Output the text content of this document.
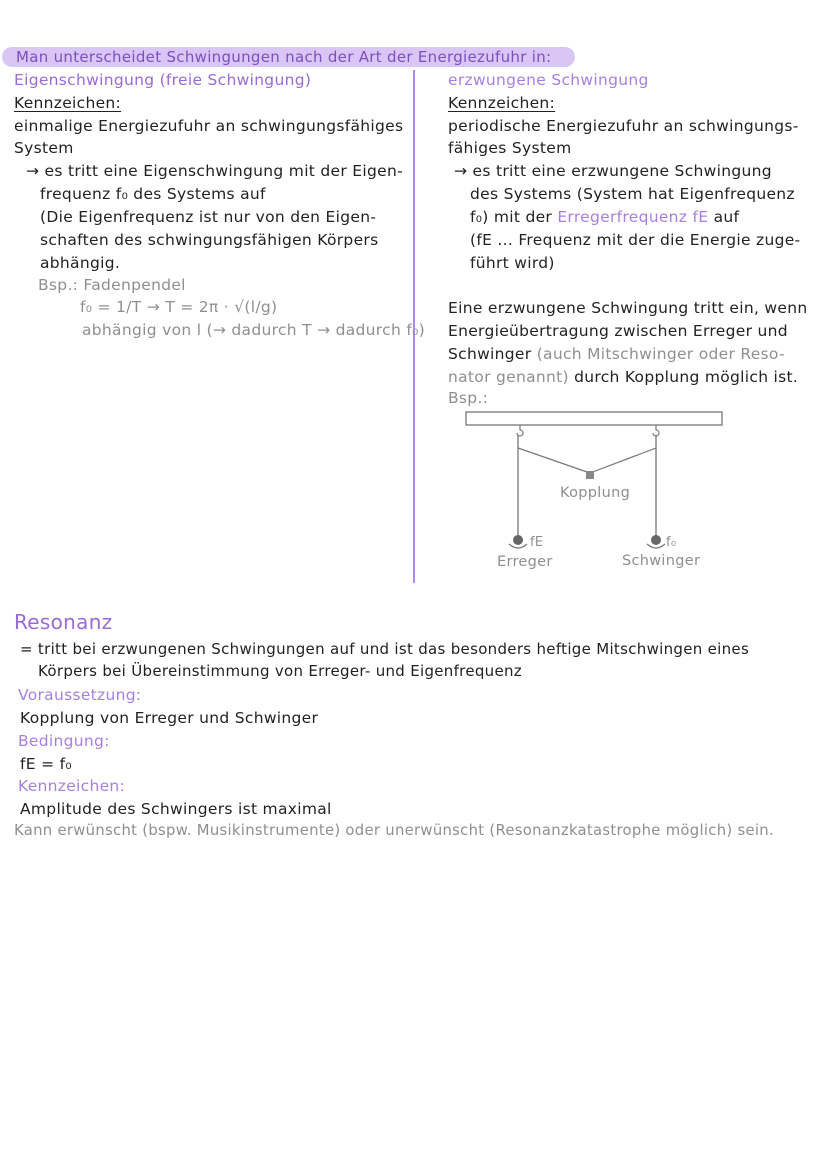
Man unterscheidet Schwingungen nach der Art der Energiezufuhr in:
Eigenschwingung (freie Schwingung)
Kennzeichen:
einmalige Energiezufuhr an schwingungsfähiges
System
→ es tritt eine Eigenschwingung mit der Eigen-
frequenz f₀ des Systems auf
(Die Eigenfrequenz ist nur von den Eigen-
schaften des schwingungsfähigen Körpers
abhängig.
Bsp.: Fadenpendel
f₀ = 1/T → T = 2π · √(l/g)
abhängig von l (→ dadurch T → dadurch f₀)
erzwungene Schwingung
Kennzeichen:
periodische Energiezufuhr an schwingungs-
fähiges System
→ es tritt eine erzwungene Schwingung
des Systems (System hat Eigenfrequenz
f₀) mit der Erregerfrequenz fE auf
(fE ... Frequenz mit der die Energie zuge-
führt wird)
Eine erzwungene Schwingung tritt ein, wenn
Energieübertragung zwischen Erreger und
Schwinger (auch Mitschwinger oder Reso-
nator genannt) durch Kopplung möglich ist.
Bsp.:
Kopplung
fE
Erreger
f₀
Schwinger
Resonanz
= tritt bei erzwungenen Schwingungen auf und ist das besonders heftige Mitschwingen eines
Körpers bei Übereinstimmung von Erreger- und Eigenfrequenz
Voraussetzung:
Kopplung von Erreger und Schwinger
Bedingung:
fE = f₀
Kennzeichen:
Amplitude des Schwingers ist maximal
Kann erwünscht (bspw. Musikinstrumente) oder unerwünscht (Resonanzkatastrophe möglich) sein.
